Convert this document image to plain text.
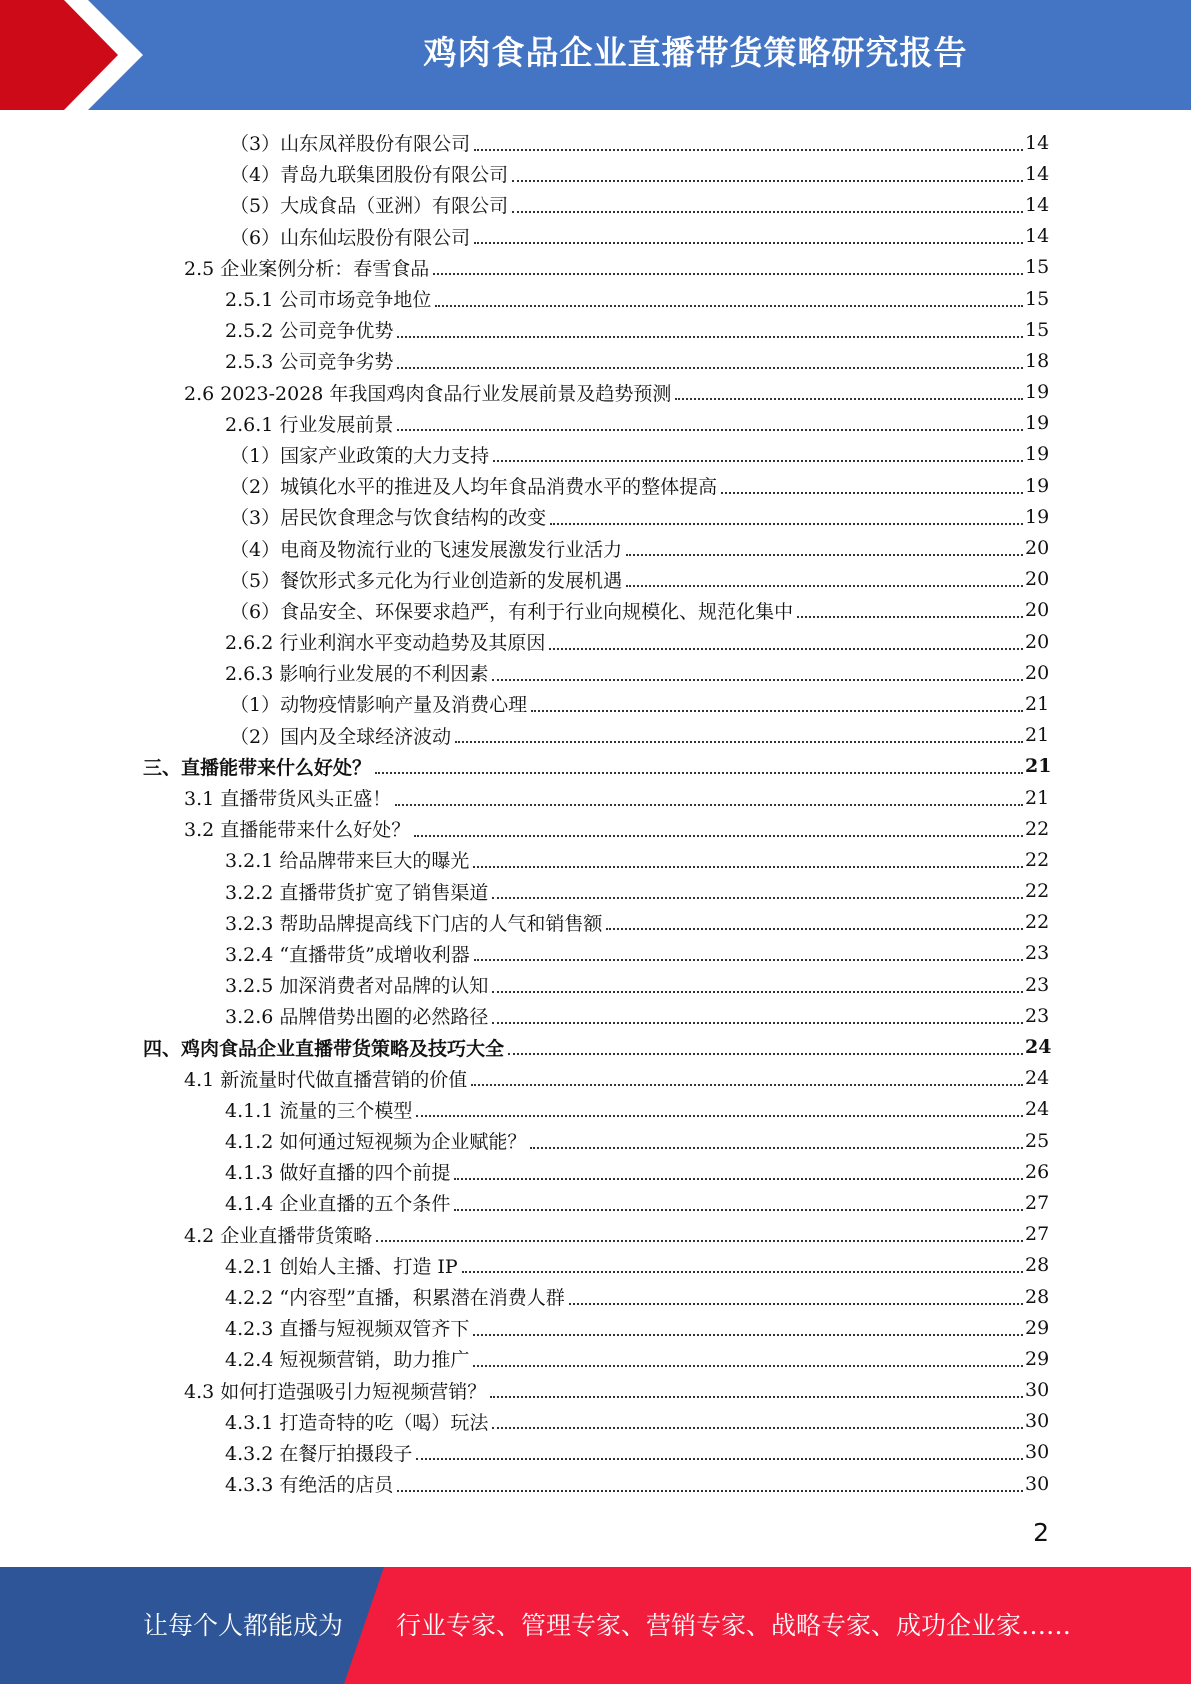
鸡肉食品企业直播带货策略研究报告
（3）山东凤祥股份有限公司	14
（4）青岛九联集团股份有限公司	14
（5）大成食品（亚洲）有限公司	14
（6）山东仙坛股份有限公司	14
2.5 企业案例分析：春雪食品	15
2.5.1 公司市场竞争地位	15
2.5.2 公司竞争优势	15
2.5.3 公司竞争劣势	18
2.6 2023-2028 年我国鸡肉食品行业发展前景及趋势预测	19
2.6.1 行业发展前景	19
（1）国家产业政策的大力支持	19
（2）城镇化水平的推进及人均年食品消费水平的整体提高	19
（3）居民饮食理念与饮食结构的改变	19
（4）电商及物流行业的飞速发展激发行业活力	20
（5）餐饮形式多元化为行业创造新的发展机遇	20
（6）食品安全、环保要求趋严，有利于行业向规模化、规范化集中	20
2.6.2 行业利润水平变动趋势及其原因	20
2.6.3 影响行业发展的不利因素	20
（1）动物疫情影响产量及消费心理	21
（2）国内及全球经济波动	21
三、直播能带来什么好处？	21
3.1 直播带货风头正盛！	21
3.2 直播能带来什么好处？	22
3.2.1 给品牌带来巨大的曝光	22
3.2.2 直播带货扩宽了销售渠道	22
3.2.3 帮助品牌提高线下门店的人气和销售额	22
3.2.4 “直播带货”成增收利器	23
3.2.5 加深消费者对品牌的认知	23
3.2.6 品牌借势出圈的必然路径	23
四、鸡肉食品企业直播带货策略及技巧大全	24
4.1 新流量时代做直播营销的价值	24
4.1.1 流量的三个模型	24
4.1.2 如何通过短视频为企业赋能？	25
4.1.3 做好直播的四个前提	26
4.1.4 企业直播的五个条件	27
4.2 企业直播带货策略	27
4.2.1 创始人主播、打造 IP	28
4.2.2 “内容型”直播，积累潜在消费人群	28
4.2.3 直播与短视频双管齐下	29
4.2.4 短视频营销，助力推广	29
4.3 如何打造强吸引力短视频营销？	30
4.3.1 打造奇特的吃（喝）玩法	30
4.3.2 在餐厅拍摄段子	30
4.3.3 有绝活的店员	30
2
让每个人都能成为 行业专家、管理专家、营销专家、战略专家、成功企业家……
